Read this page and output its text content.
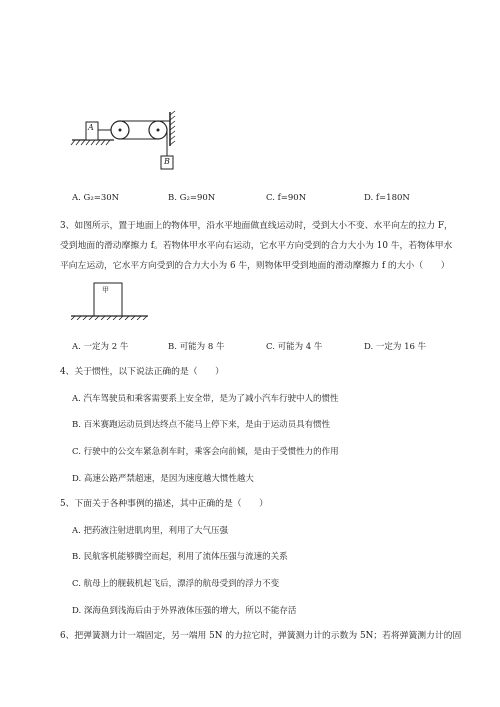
A
B
A. G₂=30N	B. G₂=90N	C. f=90N	D. f=180N
3、如图所示，置于地面上的物体甲，沿水平地面做直线运动时，受到大小不变、水平向左的拉力 F，
受到地面的滑动摩擦力 f。若物体甲水平向右运动，它水平方向受到的合力大小为 10 牛，若物体甲水
平向左运动，它水平方向受到的合力大小为 6 牛，则物体甲受到地面的滑动摩擦力 f 的大小（　　）
甲
A. 一定为 2 牛	B. 可能为 8 牛	C. 可能为 4 牛	D. 一定为 16 牛
4、关于惯性，以下说法正确的是（　　）
A. 汽车驾驶员和乘客需要系上安全带，是为了减小汽车行驶中人的惯性
B. 百米赛跑运动员到达终点不能马上停下来，是由于运动员具有惯性
C. 行驶中的公交车紧急刹车时，乘客会向前倾，是由于受惯性力的作用
D. 高速公路严禁超速，是因为速度越大惯性越大
5、下面关于各种事例的描述，其中正确的是（　　）
A. 把药液注射进肌肉里，利用了大气压强
B. 民航客机能够腾空而起，利用了流体压强与流速的关系
C. 航母上的舰载机起飞后，漂浮的航母受到的浮力不变
D. 深海鱼到浅海后由于外界液体压强的增大，所以不能存活
6、把弹簧测力计一端固定，另一端用 5N 的力拉它时，弹簧测力计的示数为 5N；若将弹簧测力计的固
